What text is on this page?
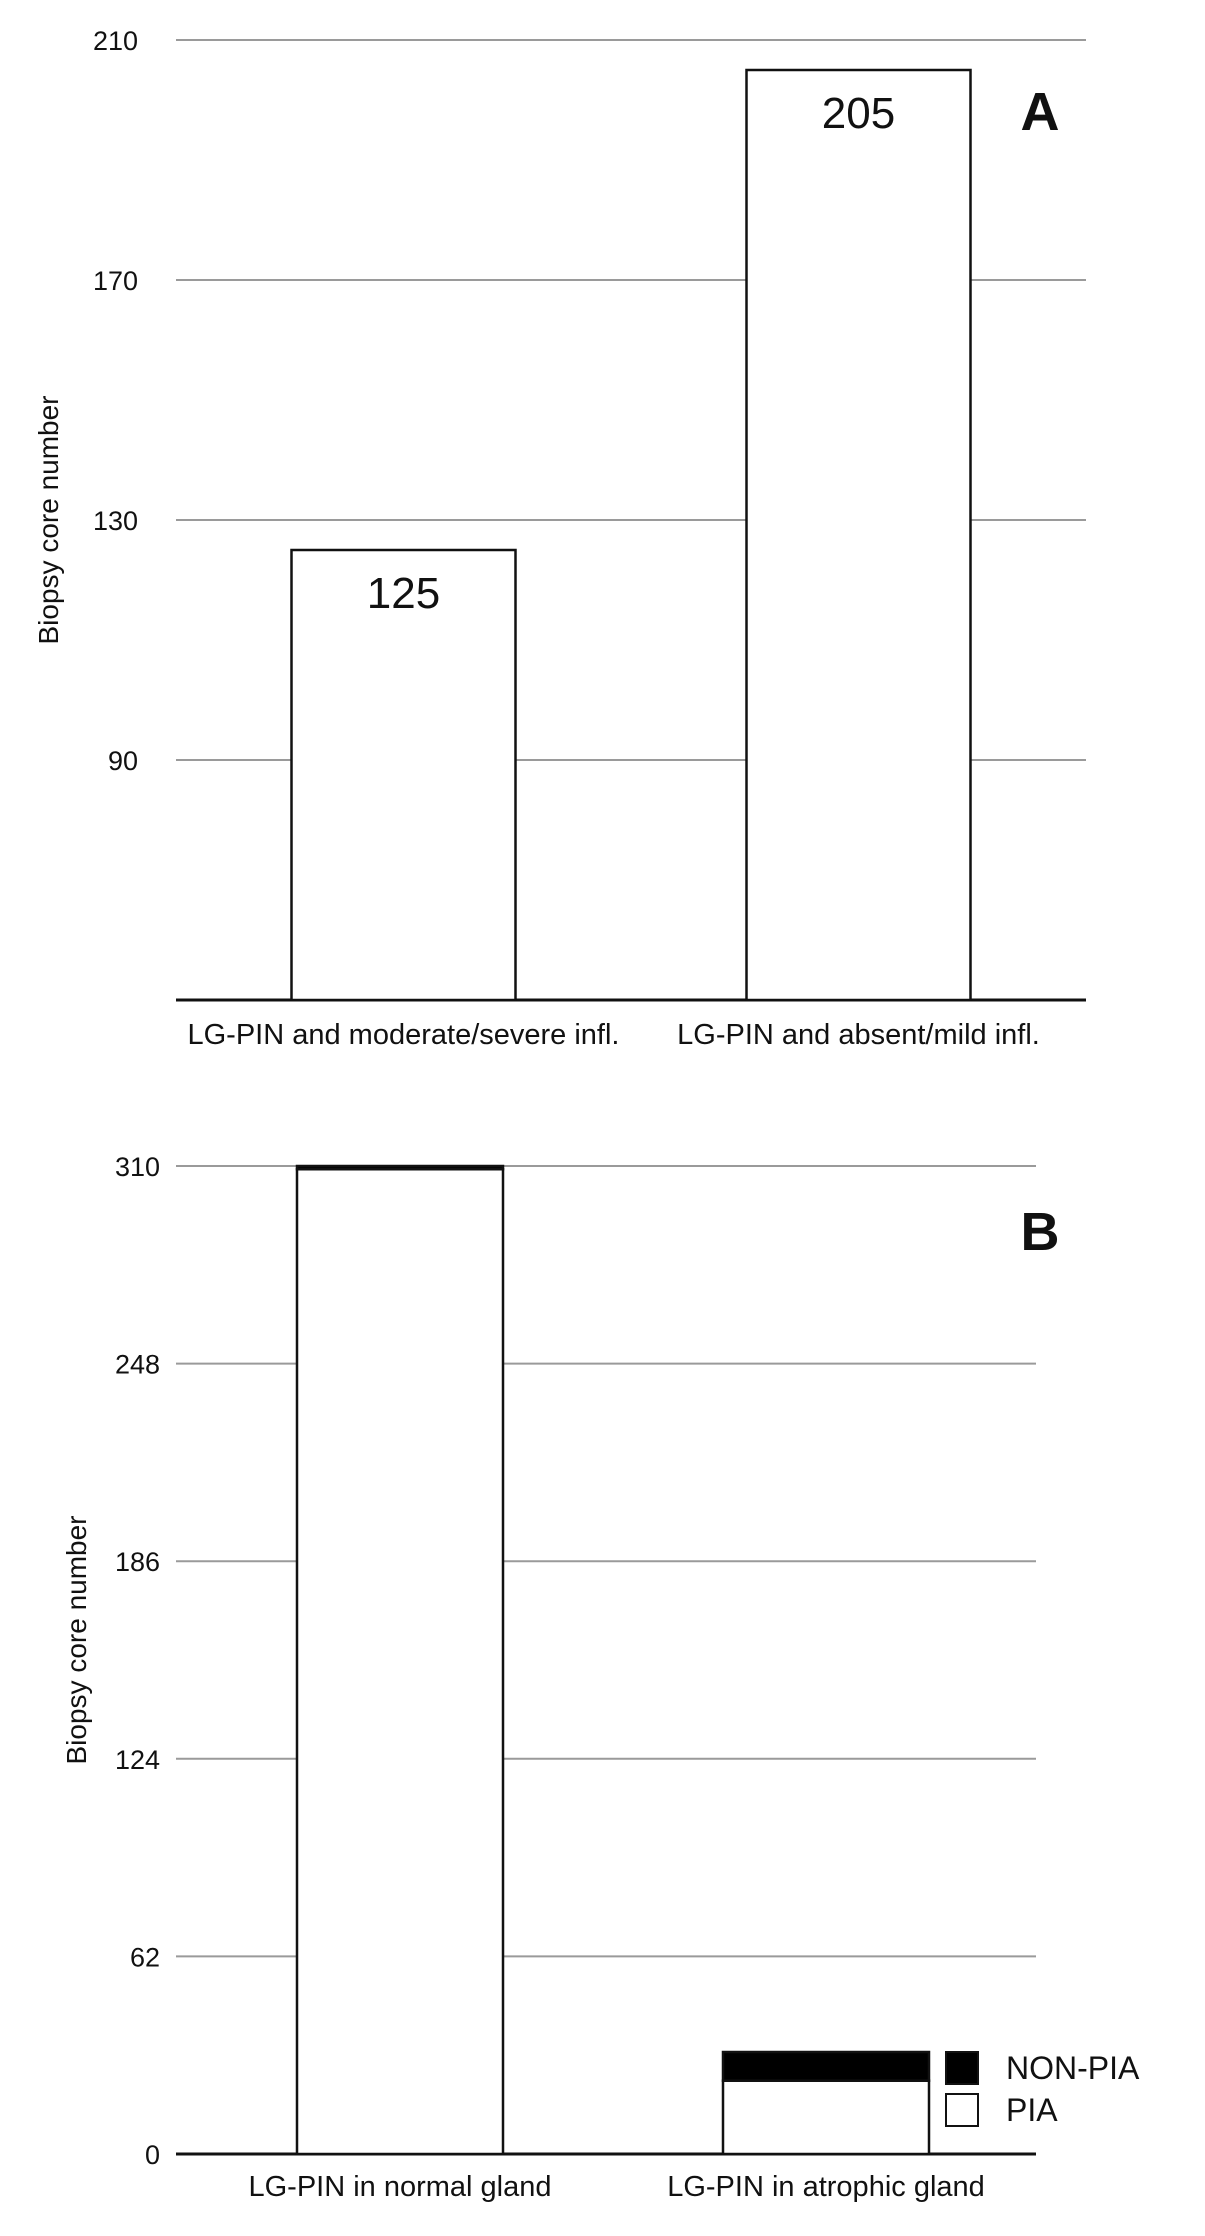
A
Biopsy core number
90
130
170
210
125
205
LG-PIN and moderate/severe infl. LG-PIN and absent/mild infl.
B
Biopsy core number
0
62
124
186
248
310
LG-PIN in normal gland	LG-PIN in atrophic gland
NON-PIA
PIA
